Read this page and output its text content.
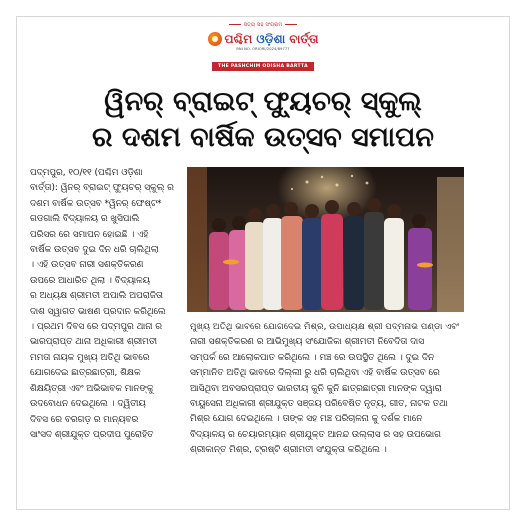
ସତ୍ୟ ସହ ସଂଗ୍ରାମ
ପଶ୍ଚିମ ଓଡ଼ିଶା ବାର୍ତ୍ତା
RNI NO. ORIORI/2024/89777
THE PASHCHIM ODISHA BARTTA
ୱିନର୍ ବ୍ରାଇଟ୍ ଫ୍ୟୁଚର୍ ସ୍କୁଲ୍
ର ଦଶମ ବାର୍ଷିକ ଉତ୍ସବ ସମାପନ
ପଦ୍ମପୁର, ୧୦/୧୧ (ପଶ୍ଚିମ ଓଡ଼ିଶା
ବାର୍ତ୍ତା): ୱିନର୍ ବ୍ରାଇଟ୍ ଫ୍ୟୁଚର୍ ସ୍କୁଲ୍ ର
ଦଶମ ବାର୍ଷିକ ଉତ୍ସବ *ୱିନର୍ ଫେଷ୍ଟ*
ଗଡଗାଲି ବିଦ୍ୟାଳୟ ର ଖୁସିପାଲି
ପରିସର ରେ ସମାପନ ହୋଇଛି । ଏହି
ବାର୍ଷିକ ଉତ୍ସବ ଦୁଇ ଦିନ ଧରି ଚାଲିଥିଲା
। ଏହି ଉତ୍ସବ ନାରୀ ସଶକ୍ତିକରଣ
ଉପରେ ଆଧାରିତ ଥିଲା । ବିଦ୍ୟାଳୟ
ର ଅଧ୍ୟକ୍ଷ ଶ୍ରୀମତୀ ଅପାଲି ଅପରାଜିତା
ଦାଶ ସ୍ୱାଗତ ଭାଷଣ ପ୍ରଦାନ କରିଥିଲେ
। ପ୍ରଥମ ଦିବସ ରେ ପଦ୍ମପୁର ଥାନା ର
ଭାରପ୍ରାପ୍ତ ଥାନା ଅଧିକାରୀ ଶ୍ରୀମତୀ
ମମତା ନାୟକ ମୁଖ୍ୟ ଅତିଥି ଭାବରେ
ଯୋଗଦେଇ ଛାତ୍ରଛାତ୍ରୀ, ଶିକ୍ଷକ
ଶିକ୍ଷୟିତ୍ରୀ ଏବଂ ଅଭିଭାବକ ମାନଙ୍କୁ
ଉଦବୋଧନ ଦେଇଥିଲେ । ଦ୍ୱିତୀୟ
ଦିବସ ରେ ବରଗଡ଼ ର ମାନ୍ୟବର
ସାଂସଦ ଶ୍ରୀଯୁକ୍ତ ପ୍ରଦୀପ ପୁରୋହିତ
ମୁଖ୍ୟ ଅତିଥି ଭାବରେ ଯୋଗଦେଇ ମିଶ୍ର, ଉପାଧ୍ୟକ୍ଷ ଶ୍ରୀ ପଦ୍ମନାଭ ପଣ୍ଡା ଏବଂ
ନାରୀ ସଶକ୍ତିକରଣ ର ଆଭିମୁଖ୍ୟ ସଂଯୋଜିକା ଶ୍ରୀମତୀ ନିବେଦିତା ଦାସ
ସମ୍ପର୍କ ରେ ଆଲୋକପାତ କରିଥିଲେ । ମଞ୍ଚ ରେ ଉପସ୍ଥିତ ଥିଲେ । ଦୁଇ ଦିନ
ସମ୍ମାନିତ ଅତିଥି ଭାବରେ ଦିଲ୍ଲୀ ରୁ ଧରି ଚାଲିଥିବା ଏହି ବାର୍ଷିକ ଉତ୍ସବ ରେ
ଆସିଥିବା ଅବସରପ୍ରାପ୍ତ ଭାରତୀୟ କୁନି କୁନି ଛାତ୍ରଛାତ୍ରୀ ମାନଙ୍କ ଦ୍ୱାରା
ବାୟୁସେନା ଅଧିକାରୀ ଶ୍ରୀଯୁକ୍ତ ସଞ୍ଜୟ ପରିବେଷିତ ନୃତ୍ୟ, ଗୀତ, ନାଟକ ତଥା
ମିଶ୍ର ଯୋଗ ଦେଇଥିଲେ । ତାଙ୍କ ସହ ମଞ୍ଚ ପରିଚାଳନା କୁ ଦର୍ଶକ ମାନେ
ବିଦ୍ୟାଳୟ ର ଚେୟାରମ୍ୟାନ ଶ୍ରୀଯୁକ୍ତ ଆନନ୍ଦ ଉଲ୍ଲାସ ର ସହ ଉପଭୋଗ
ଶ୍ରୀକାନ୍ତ ମିଶ୍ର, ଟ୍ରଷ୍ଟି ଶ୍ରୀମତୀ ସଂଯୁକ୍ତା କରିଥିଲେ ।
